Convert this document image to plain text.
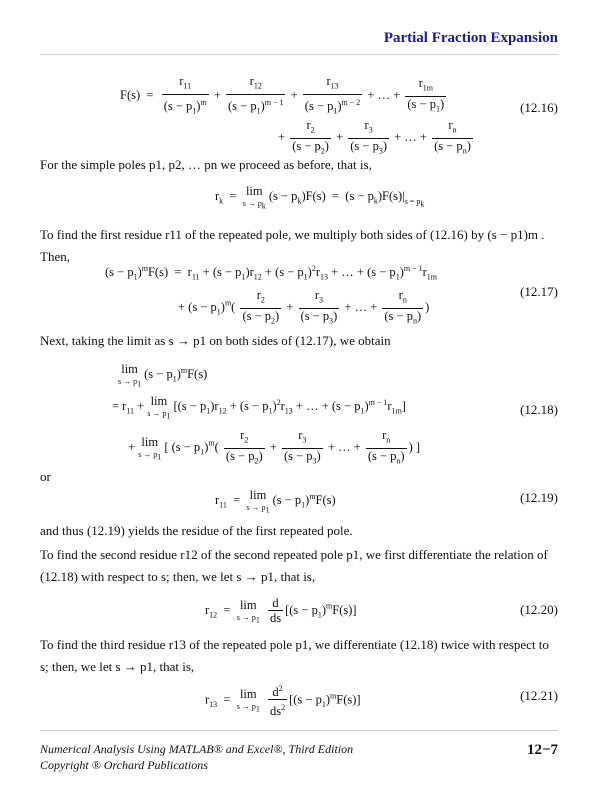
Partial Fraction Expansion
$F(s) = \frac{r_{11}}{(s - p_1)^m} + \frac{r_{12}}{(s - p_1)^{m - 1}} + \frac{r_{13}}{(s - p_1)^{m - 2}}$ + … + $\frac{r_{1m}}{(s - p_1)}$
+ $\frac{r_2}{(s - p_2)} + \frac{r_3}{(s - p_3)}$ + … + $\frac{r_n}{(s - p_n)}$
(12.16)
For the simple poles p1, p2, … pn we proceed as before, that is,
$r_k = \lim$
$s \to p_k$
$(s - p_k)F(s) = (s - p_k)F(s)|_{s = p_k}$
To find the first residue r11 of the repeated pole, we multiply both sides of (12.16) by (s − p1)m . Then,
$(s - p_1)^mF(s) = r_{11} + (s - p_1)r_{12} + (s - p_1)^2r_{13}$ + … + $(s - p_1)^{m - 1}r_{1m}$
+ $(s - p_1)^m( \frac{r_2}{(s - p_2)} + \frac{r_3}{(s - p_3)}$ + … + $\frac{r_n}{(s - p_n)}$ )
(12.17)
Next, taking the limit as s → p1 on both sides of (12.17), we obtain
lim
$s \to p_1$
$(s - p_1)^mF(s)$
= $r_{11} + \lim$
$s \to p_1$
[$(s - p_1)r_{12} + (s - p_1)^2r_{13}$ + … + $(s - p_1)^{m - 1}r_{1m}$]
+ lim
$s \to p_1$
[ $(s - p_1)^m( \frac{r_2}{(s - p_2)} + \frac{r_3}{(s - p_3)}$ + … + $\frac{r_n}{(s - p_n)}$ ) ]
(12.18)
or
$r_{11} = \lim$
$s \to p_1$
$(s - p_1)^mF(s)$	(12.19)
and thus (12.19) yields the residue of the first repeated pole.
To find the second residue r12 of the second repeated pole p1, we first differentiate the relation of (12.18) with respect to s; then, we let s → p1, that is,
$r_{12} = \lim$
$s \to p_1$
$\frac{d}{ds} [(s - p_1)^mF(s)]$	(12.20)
To find the third residue r13 of the repeated pole p1, we differentiate (12.18) twice with respect to s; then, we let s → p1, that is,
$r_{13} = \lim$
$s \to p_1$
$\frac{d^2}{ds^2} [(s - p_1)^mF(s)]$	(12.21)
Numerical Analysis Using MATLAB® and Excel®, Third Edition
Copyright ® Orchard Publications
12−7
